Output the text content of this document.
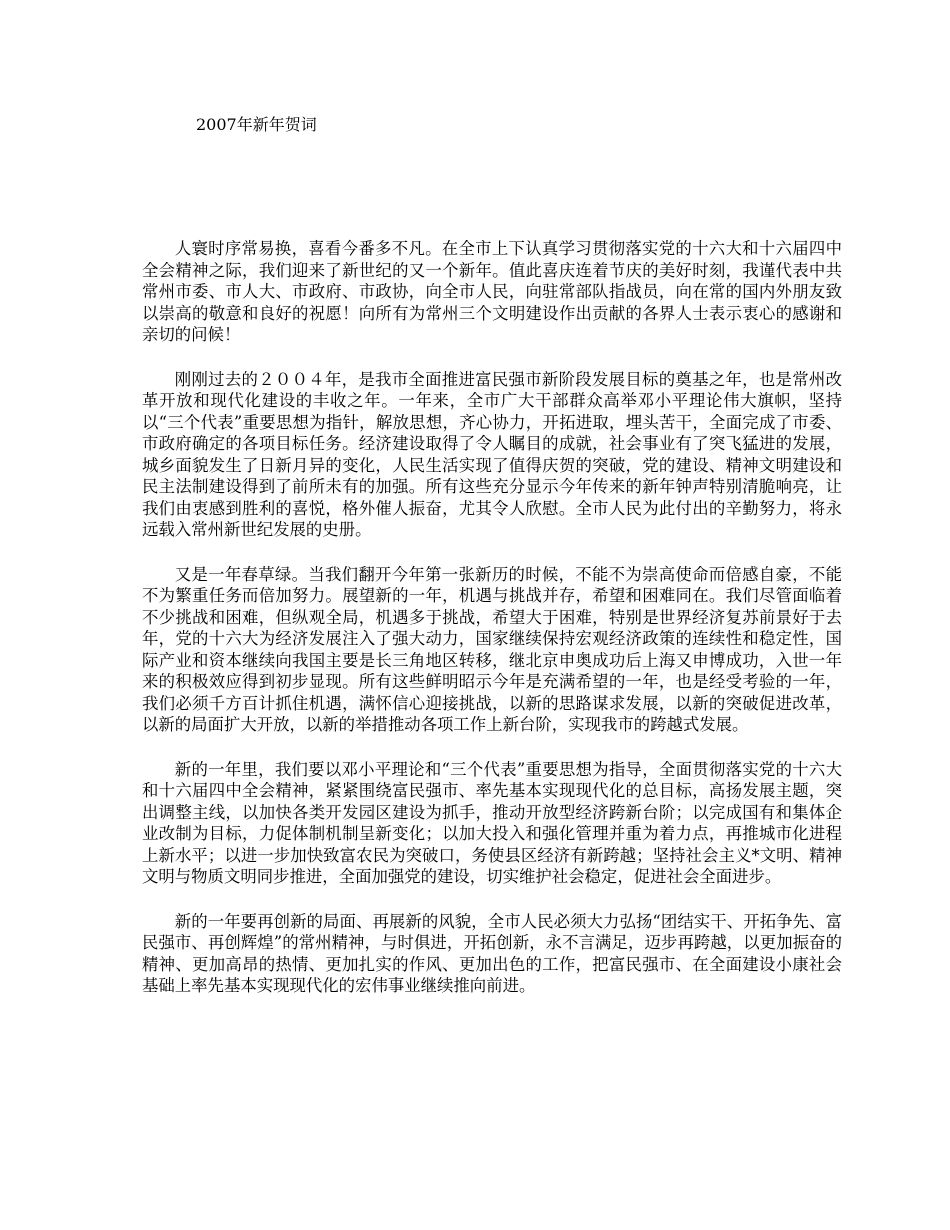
2007年新年贺词

人寰时序常易换，喜看今番多不凡。在全市上下认真学习贯彻落实党的十六大和十六届四中全会精神之际，我们迎来了新世纪的又一个新年。值此喜庆连着节庆的美好时刻，我谨代表中共常州市委、市人大、市政府、市政协，向全市人民，向驻常部队指战员，向在常的国内外朋友致以崇高的敬意和良好的祝愿！向所有为常州三个文明建设作出贡献的各界人士表示衷心的感谢和亲切的问候！

刚刚过去的２００４年，是我市全面推进富民强市新阶段发展目标的奠基之年，也是常州改革开放和现代化建设的丰收之年。一年来，全市广大干部群众高举邓小平理论伟大旗帜，坚持以“三个代表”重要思想为指针，解放思想，齐心协力，开拓进取，埋头苦干，全面完成了市委、市政府确定的各项目标任务。经济建设取得了令人瞩目的成就，社会事业有了突飞猛进的发展，城乡面貌发生了日新月异的变化，人民生活实现了值得庆贺的突破，党的建设、精神文明建设和民主法制建设得到了前所未有的加强。所有这些充分显示今年传来的新年钟声特别清脆响亮，让我们由衷感到胜利的喜悦，格外催人振奋，尤其令人欣慰。全市人民为此付出的辛勤努力，将永远载入常州新世纪发展的史册。

又是一年春草绿。当我们翻开今年第一张新历的时候，不能不为崇高使命而倍感自豪，不能不为繁重任务而倍加努力。展望新的一年，机遇与挑战并存，希望和困难同在。我们尽管面临着不少挑战和困难，但纵观全局，机遇多于挑战，希望大于困难，特别是世界经济复苏前景好于去年，党的十六大为经济发展注入了强大动力，国家继续保持宏观经济政策的连续性和稳定性，国际产业和资本继续向我国主要是长三角地区转移，继北京申奥成功后上海又申博成功，入世一年来的积极效应得到初步显现。所有这些鲜明昭示今年是充满希望的一年，也是经受考验的一年，我们必须千方百计抓住机遇，满怀信心迎接挑战，以新的思路谋求发展，以新的突破促进改革，以新的局面扩大开放，以新的举措推动各项工作上新台阶，实现我市的跨越式发展。

新的一年里，我们要以邓小平理论和“三个代表”重要思想为指导，全面贯彻落实党的十六大和十六届四中全会精神，紧紧围绕富民强市、率先基本实现现代化的总目标，高扬发展主题，突出调整主线，以加快各类开发园区建设为抓手，推动开放型经济跨新台阶；以完成国有和集体企业改制为目标，力促体制机制呈新变化；以加大投入和强化管理并重为着力点，再推城市化进程上新水平；以进一步加快致富农民为突破口，务使县区经济有新跨越；坚持社会主义*文明、精神文明与物质文明同步推进，全面加强党的建设，切实维护社会稳定，促进社会全面进步。

新的一年要再创新的局面、再展新的风貌，全市人民必须大力弘扬“团结实干、开拓争先、富民强市、再创辉煌”的常州精神，与时俱进，开拓创新，永不言满足，迈步再跨越，以更加振奋的精神、更加高昂的热情、更加扎实的作风、更加出色的工作，把富民强市、在全面建设小康社会基础上率先基本实现现代化的宏伟事业继续推向前进。
